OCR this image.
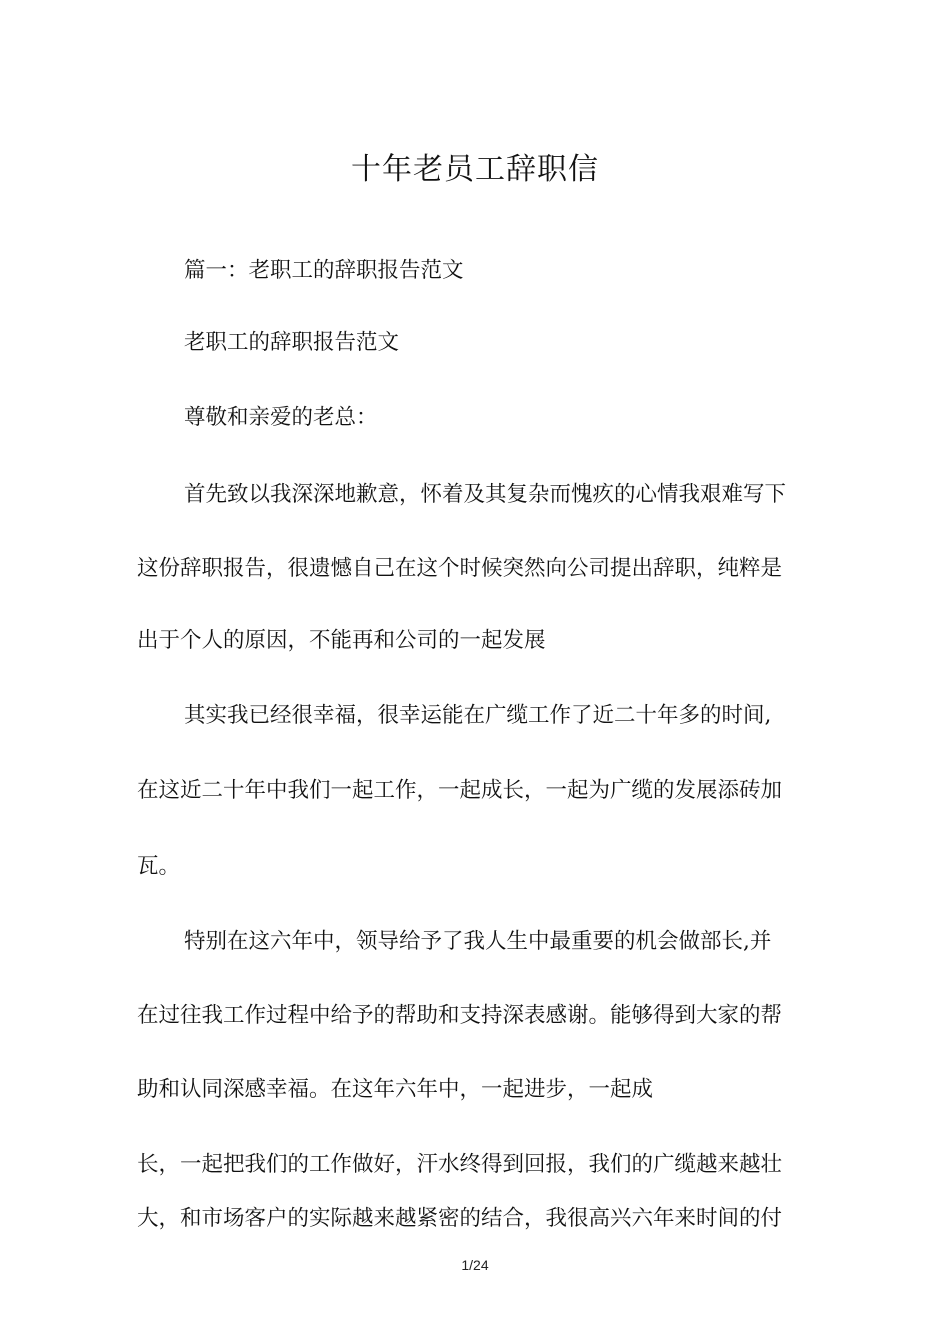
十年老员工辞职信
篇一：老职工的辞职报告范文
老职工的辞职报告范文
尊敬和亲爱的老总：
首先致以我深深地歉意，怀着及其复杂而愧疚的心情我艰难写下
这份辞职报告，很遗憾自己在这个时候突然向公司提出辞职，纯粹是
出于个人的原因，不能再和公司的一起发展
其实我已经很幸福，很幸运能在广缆工作了近二十年多的时间,
在这近二十年中我们一起工作，一起成长，一起为广缆的发展添砖加
瓦。
特别在这六年中，领导给予了我人生中最重要的机会做部长,并
在过往我工作过程中给予的帮助和支持深表感谢。能够得到大家的帮
助和认同深感幸福。在这年六年中，一起进步，一起成
长，一起把我们的工作做好，汗水终得到回报，我们的广缆越来越壮
大，和市场客户的实际越来越紧密的结合，我很高兴六年来时间的付
1/24
